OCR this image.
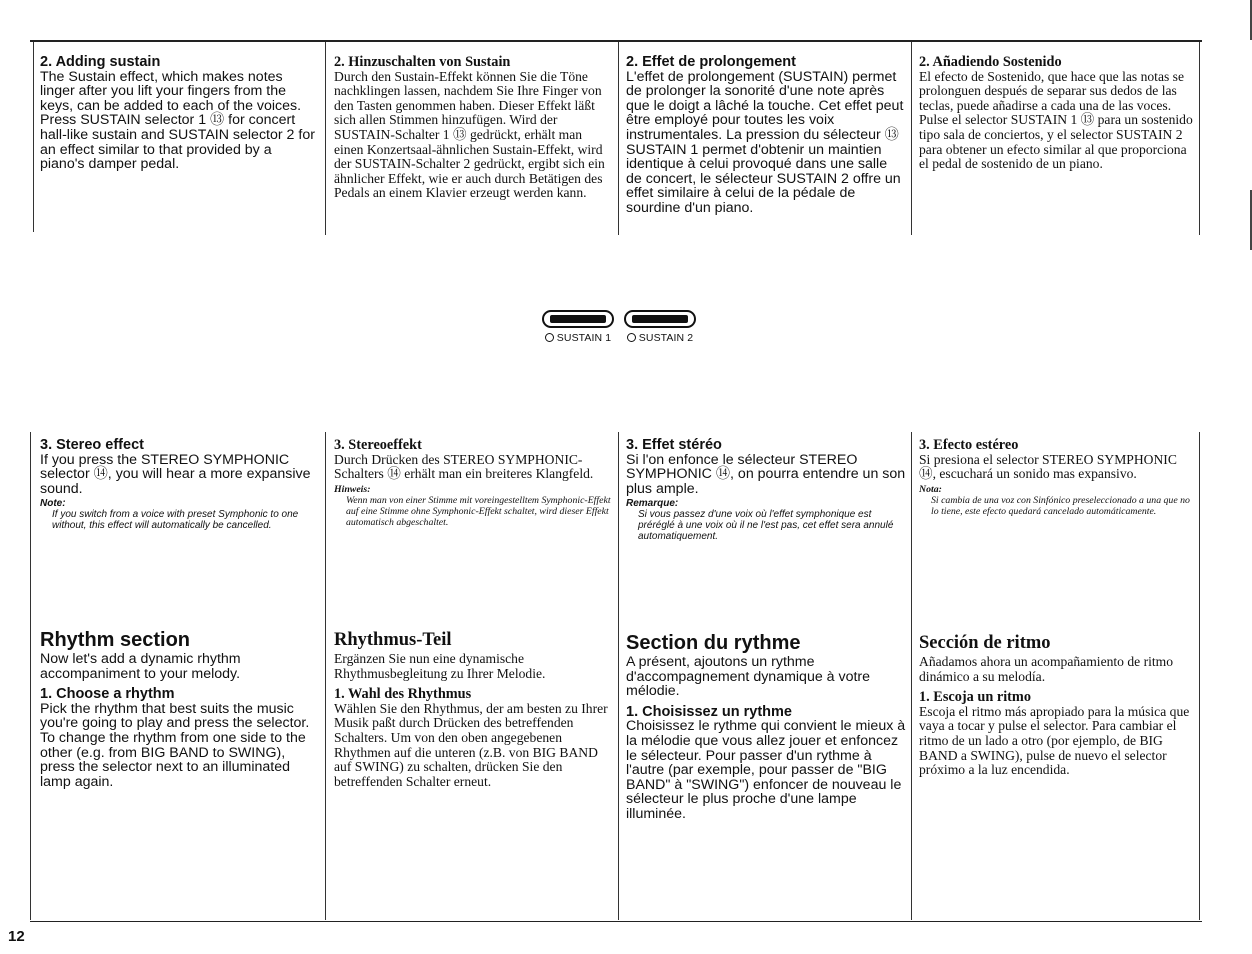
2. Adding sustain

The Sustain effect, which makes notes linger after you lift your fingers from the keys, can be added to each of the voices. Press SUSTAIN selector 1 ⑬ for concert hall-like sustain and SUSTAIN selector 2 for an effect similar to that provided by a piano's damper pedal.

2. Hinzuschalten von Sustain

Durch den Sustain-Effekt können Sie die Töne nachklingen lassen, nachdem Sie Ihre Finger von den Tasten genommen haben. Dieser Effekt läßt sich allen Stimmen hinzufügen. Wird der SUSTAIN-Schalter 1 ⑬ gedrückt, erhält man einen Konzertsaal-ähnlichen Sustain-Effekt, wird der SUSTAIN-Schalter 2 gedrückt, ergibt sich ein ähnlicher Effekt, wie er auch durch Betätigen des Pedals an einem Klavier erzeugt werden kann.

2. Effet de prolongement

L'effet de prolongement (SUSTAIN) permet de prolonger la sonorité d'une note après que le doigt a lâché la touche. Cet effet peut être employé pour toutes les voix instrumentales. La pression du sélecteur ⑬ SUSTAIN 1 permet d'obtenir un maintien identique à celui provoqué dans une salle de concert, le sélecteur SUSTAIN 2 offre un effet similaire à celui de la pédale de sourdine d'un piano.

2. Añadiendo Sostenido

El efecto de Sostenido, que hace que las notas se prolonguen después de separar sus dedos de las teclas, puede añadirse a cada una de las voces. Pulse el selector SUSTAIN 1 ⑬ para un sostenido tipo sala de conciertos, y el selector SUSTAIN 2 para obtener un efecto similar al que proporciona el pedal de sostenido de un piano.

SUSTAIN 1	SUSTAIN 2
3. Stereo effect

If you press the STEREO SYMPHONIC selector ⑭, you will hear a more expansive sound.

Note:
If you switch from a voice with preset Symphonic to one without, this effect will automatically be cancelled.
3. Stereoeffekt

Durch Drücken des STEREO SYMPHONIC-Schalters ⑭ erhält man ein breiteres Klangfeld.

Hinweis:
Wenn man von einer Stimme mit voreingestelltem Symphonic-Effekt auf eine Stimme ohne Symphonic-Effekt schaltet, wird dieser Effekt automatisch abgeschaltet.
3. Effet stéréo

Si l'on enfonce le sélecteur STEREO SYMPHONIC ⑭, on pourra entendre un son plus ample.

Remarque:
Si vous passez d'une voix où l'effet symphonique est préréglé à une voix où il ne l'est pas, cet effet sera annulé automatiquement.
3. Efecto estéreo

Si presiona el selector STEREO SYMPHONIC ⑭, escuchará un sonido mas expansivo.

Nota:
Si cambia de una voz con Sinfónico preseleccionado a una que no lo tiene, este efecto quedará cancelado automáticamente.
Rhythm section

Now let's add a dynamic rhythm accompaniment to your melody.

1. Choose a rhythm

Pick the rhythm that best suits the music you're going to play and press the selector. To change the rhythm from one side to the other (e.g. from BIG BAND to SWING), press the selector next to an illuminated lamp again.

Rhythmus-Teil

Ergänzen Sie nun eine dynamische Rhythmusbegleitung zu Ihrer Melodie.

1. Wahl des Rhythmus

Wählen Sie den Rhythmus, der am besten zu Ihrer Musik paßt durch Drücken des betreffenden Schalters. Um von den oben angegebenen Rhythmen auf die unteren (z.B. von BIG BAND auf SWING) zu schalten, drücken Sie den betreffenden Schalter erneut.

Section du rythme

A présent, ajoutons un rythme d'accompagnement dynamique à votre mélodie.

1. Choisissez un rythme

Choisissez le rythme qui convient le mieux à la mélodie que vous allez jouer et enfoncez le sélecteur. Pour passer d'un rythme à l'autre (par exemple, pour passer de "BIG BAND" à "SWING") enfoncer de nouveau le sélecteur le plus proche d'une lampe illuminée.

Sección de ritmo

Añadamos ahora un acompañamiento de ritmo dinámico a su melodía.

1. Escoja un ritmo

Escoja el ritmo más apropiado para la música que vaya a tocar y pulse el selector. Para cambiar el ritmo de un lado a otro (por ejemplo, de BIG BAND a SWING), pulse de nuevo el selector próximo a la luz encendida.

12
